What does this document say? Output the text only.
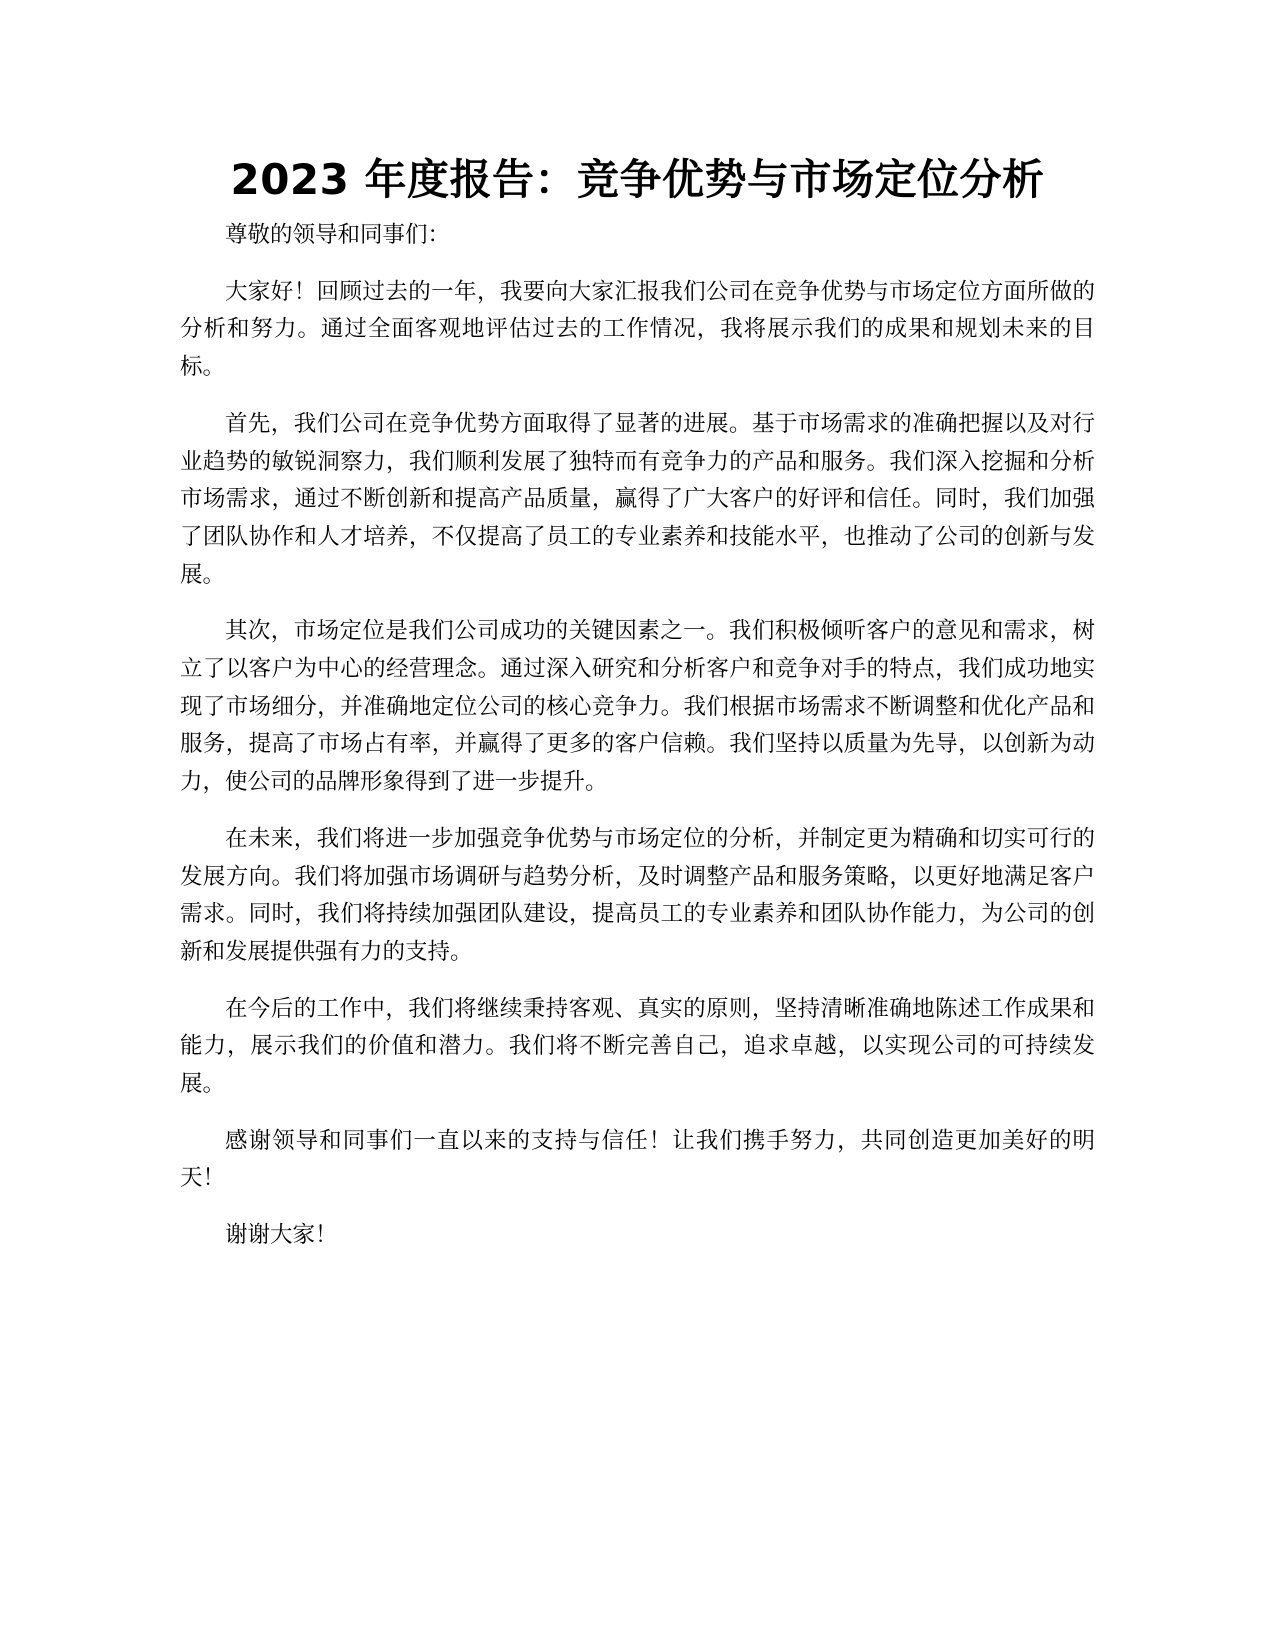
2023 年度报告：竞争优势与市场定位分析

尊敬的领导和同事们：

大家好！回顾过去的一年，我要向大家汇报我们公司在竞争优势与市场定位方面所做的分析和努力。通过全面客观地评估过去的工作情况，我将展示我们的成果和规划未来的目标。

首先，我们公司在竞争优势方面取得了显著的进展。基于市场需求的准确把握以及对行业趋势的敏锐洞察力，我们顺利发展了独特而有竞争力的产品和服务。我们深入挖掘和分析市场需求，通过不断创新和提高产品质量，赢得了广大客户的好评和信任。同时，我们加强了团队协作和人才培养，不仅提高了员工的专业素养和技能水平，也推动了公司的创新与发展。

其次，市场定位是我们公司成功的关键因素之一。我们积极倾听客户的意见和需求，树立了以客户为中心的经营理念。通过深入研究和分析客户和竞争对手的特点，我们成功地实现了市场细分，并准确地定位公司的核心竞争力。我们根据市场需求不断调整和优化产品和服务，提高了市场占有率，并赢得了更多的客户信赖。我们坚持以质量为先导，以创新为动力，使公司的品牌形象得到了进一步提升。

在未来，我们将进一步加强竞争优势与市场定位的分析，并制定更为精确和切实可行的发展方向。我们将加强市场调研与趋势分析，及时调整产品和服务策略，以更好地满足客户需求。同时，我们将持续加强团队建设，提高员工的专业素养和团队协作能力，为公司的创新和发展提供强有力的支持。

在今后的工作中，我们将继续秉持客观、真实的原则，坚持清晰准确地陈述工作成果和能力，展示我们的价值和潜力。我们将不断完善自己，追求卓越，以实现公司的可持续发展。

感谢领导和同事们一直以来的支持与信任！让我们携手努力，共同创造更加美好的明天！

谢谢大家！
